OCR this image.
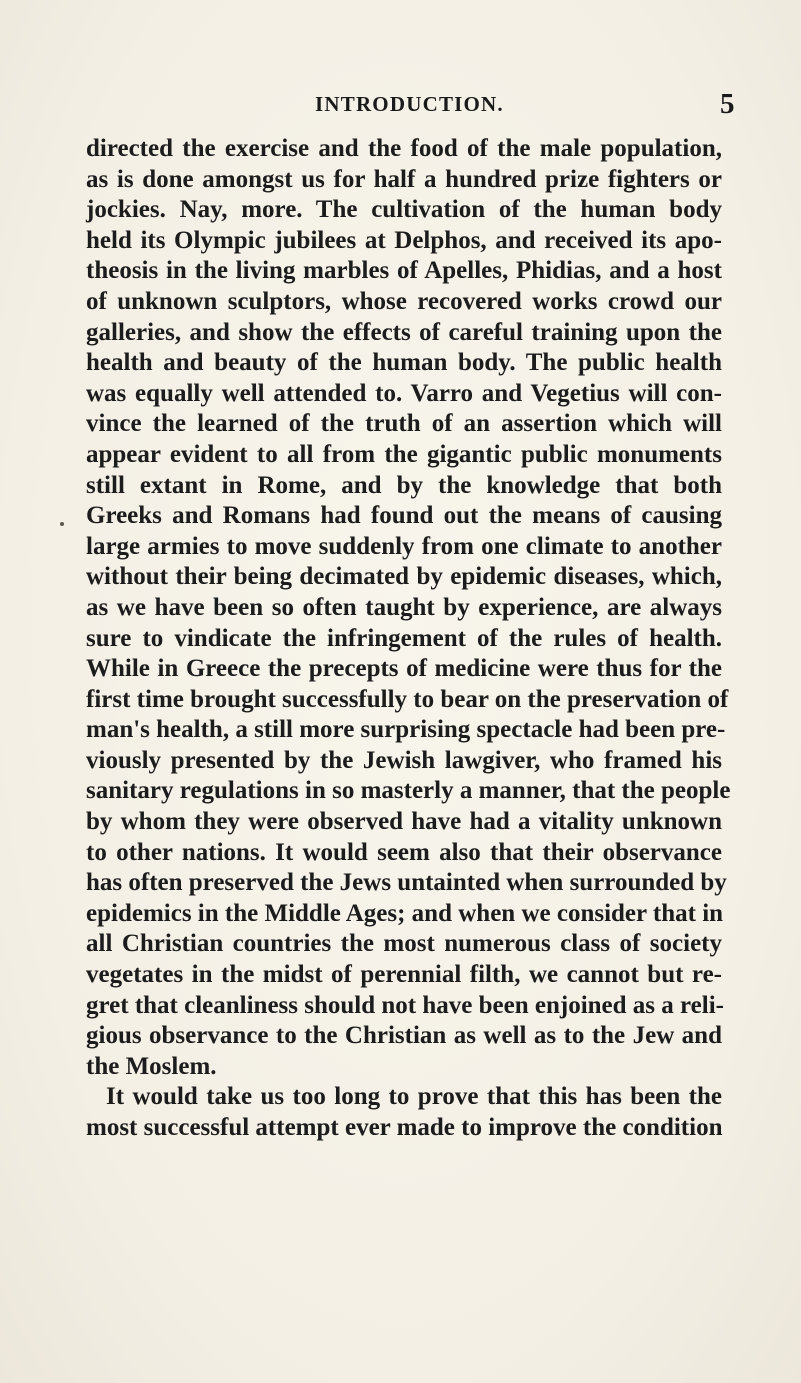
INTRODUCTION.	5
directed the exercise and the food of the male population,
as is done amongst us for half a hundred prize fighters or
jockies. Nay, more. The cultivation of the human body
held its Olympic jubilees at Delphos, and received its apo-
theosis in the living marbles of Apelles, Phidias, and a host
of unknown sculptors, whose recovered works crowd our
galleries, and show the effects of careful training upon the
health and beauty of the human body. The public health
was equally well attended to. Varro and Vegetius will con-
vince the learned of the truth of an assertion which will
appear evident to all from the gigantic public monuments
still extant in Rome, and by the knowledge that both
Greeks and Romans had found out the means of causing
large armies to move suddenly from one climate to another
without their being decimated by epidemic diseases, which,
as we have been so often taught by experience, are always
sure to vindicate the infringement of the rules of health.
While in Greece the precepts of medicine were thus for the
first time brought successfully to bear on the preservation of
man's health, a still more surprising spectacle had been pre-
viously presented by the Jewish lawgiver, who framed his
sanitary regulations in so masterly a manner, that the people
by whom they were observed have had a vitality unknown
to other nations. It would seem also that their observance
has often preserved the Jews untainted when surrounded by
epidemics in the Middle Ages; and when we consider that in
all Christian countries the most numerous class of society
vegetates in the midst of perennial filth, we cannot but re-
gret that cleanliness should not have been enjoined as a reli-
gious observance to the Christian as well as to the Jew and
the Moslem.
It would take us too long to prove that this has been the
most successful attempt ever made to improve the condition
